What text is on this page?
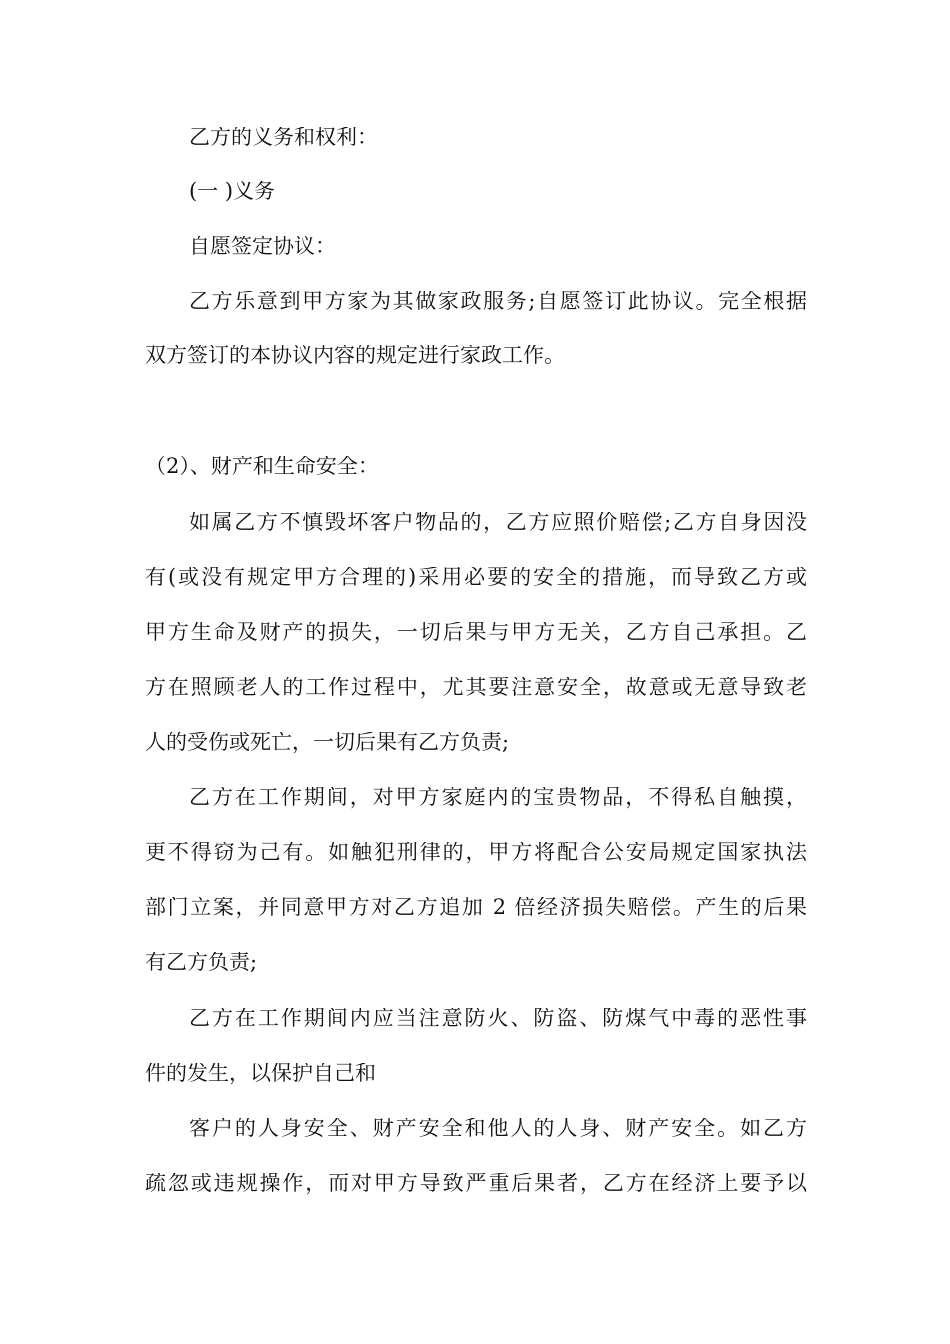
乙方的义务和权利：
(一 )义务
自愿签定协议：
乙方乐意到甲方家为其做家政服务;自愿签订此协议。完全根据
双方签订的本协议内容的规定进行家政工作。
（2）、财产和生命安全：
如属乙方不慎毁坏客户物品的，乙方应照价赔偿;乙方自身因没
有(或没有规定甲方合理的)采用必要的安全的措施，而导致乙方或
甲方生命及财产的损失，一切后果与甲方无关，乙方自己承担。乙
方在照顾老人的工作过程中，尤其要注意安全，故意或无意导致老
人的受伤或死亡，一切后果有乙方负责;
乙方在工作期间，对甲方家庭内的宝贵物品，不得私自触摸，
更不得窃为己有。如触犯刑律的，甲方将配合公安局规定国家执法
部门立案，并同意甲方对乙方追加 2 倍经济损失赔偿。产生的后果
有乙方负责;
乙方在工作期间内应当注意防火、防盗、防煤气中毒的恶性事
件的发生，以保护自己和
客户的人身安全、财产安全和他人的人身、财产安全。如乙方
疏忽或违规操作，而对甲方导致严重后果者，乙方在经济上要予以
